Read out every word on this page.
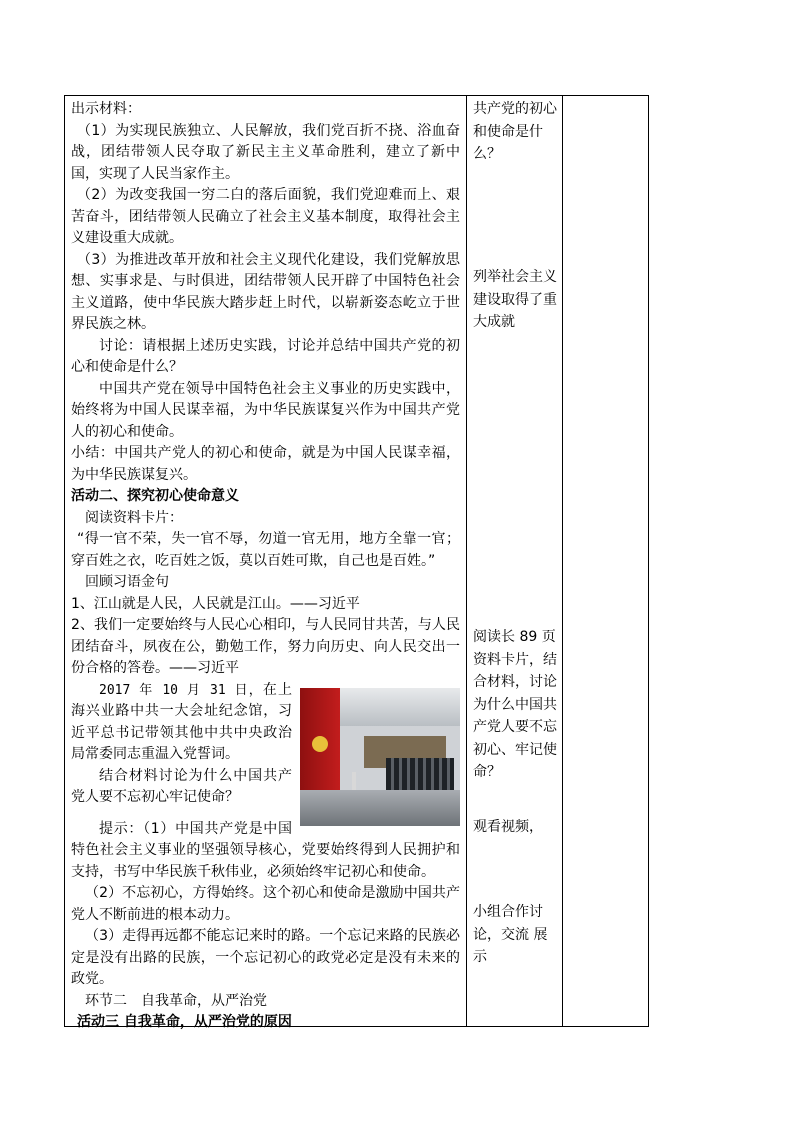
出示材料：

（1）为实现民族独立、人民解放，我们党百折不挠、浴血奋战，团结带领人民夺取了新民主主义革命胜利，建立了新中国，实现了人民当家作主。

（2）为改变我国一穷二白的落后面貌，我们党迎难而上、艰苦奋斗，团结带领人民确立了社会主义基本制度，取得社会主义建设重大成就。

（3）为推进改革开放和社会主义现代化建设，我们党解放思想、实事求是、与时俱进，团结带领人民开辟了中国特色社会主义道路，使中华民族大踏步赶上时代，以崭新姿态屹立于世界民族之林。

讨论：请根据上述历史实践，讨论并总结中国共产党的初心和使命是什么？

中国共产党在领导中国特色社会主义事业的历史实践中，始终将为中国人民谋幸福，为中华民族谋复兴作为中国共产党人的初心和使命。

小结：中国共产党人的初心和使命，就是为中国人民谋幸福，为中华民族谋复兴。

活动二、探究初心使命意义

阅读资料卡片：

“得一官不荣，失一官不辱，勿道一官无用，地方全靠一官；穿百姓之衣，吃百姓之饭，莫以百姓可欺，自己也是百姓。”

回顾习语金句

1、江山就是人民，人民就是江山。——习近平

2、我们一定要始终与人民心心相印，与人民同甘共苦，与人民团结奋斗，夙夜在公，勤勉工作，努力向历史、向人民交出一份合格的答卷。——习近平

2017 年 10 月 31 日，在上海兴业路中共一大会址纪念馆，习近平总书记带领其他中共中央政治局常委同志重温入党誓词。

结合材料讨论为什么中国共产党人要不忘初心牢记使命？

提示：（1）中国共产党是中国特色社会主义事业的坚强领导核心，党要始终得到人民拥护和支持，书写中华民族千秋伟业，必须始终牢记初心和使命。

（2）不忘初心，方得始终。这个初心和使命是激励中国共产党人不断前进的根本动力。

（3）走得再远都不能忘记来时的路。一个忘记来路的民族必定是没有出路的民族，一个忘记初心的政党必定是没有未来的政党。

环节二　自我革命，从严治党

活动三 自我革命，从严治党的原因

共产党的初心和使命是什么？

列举社会主义建设取得了重大成就

阅读长 89 页资料卡片，结合材料，讨论为什么中国共产党人要不忘初心、牢记使命？

观看视频，

小组合作讨论，交流 展示
